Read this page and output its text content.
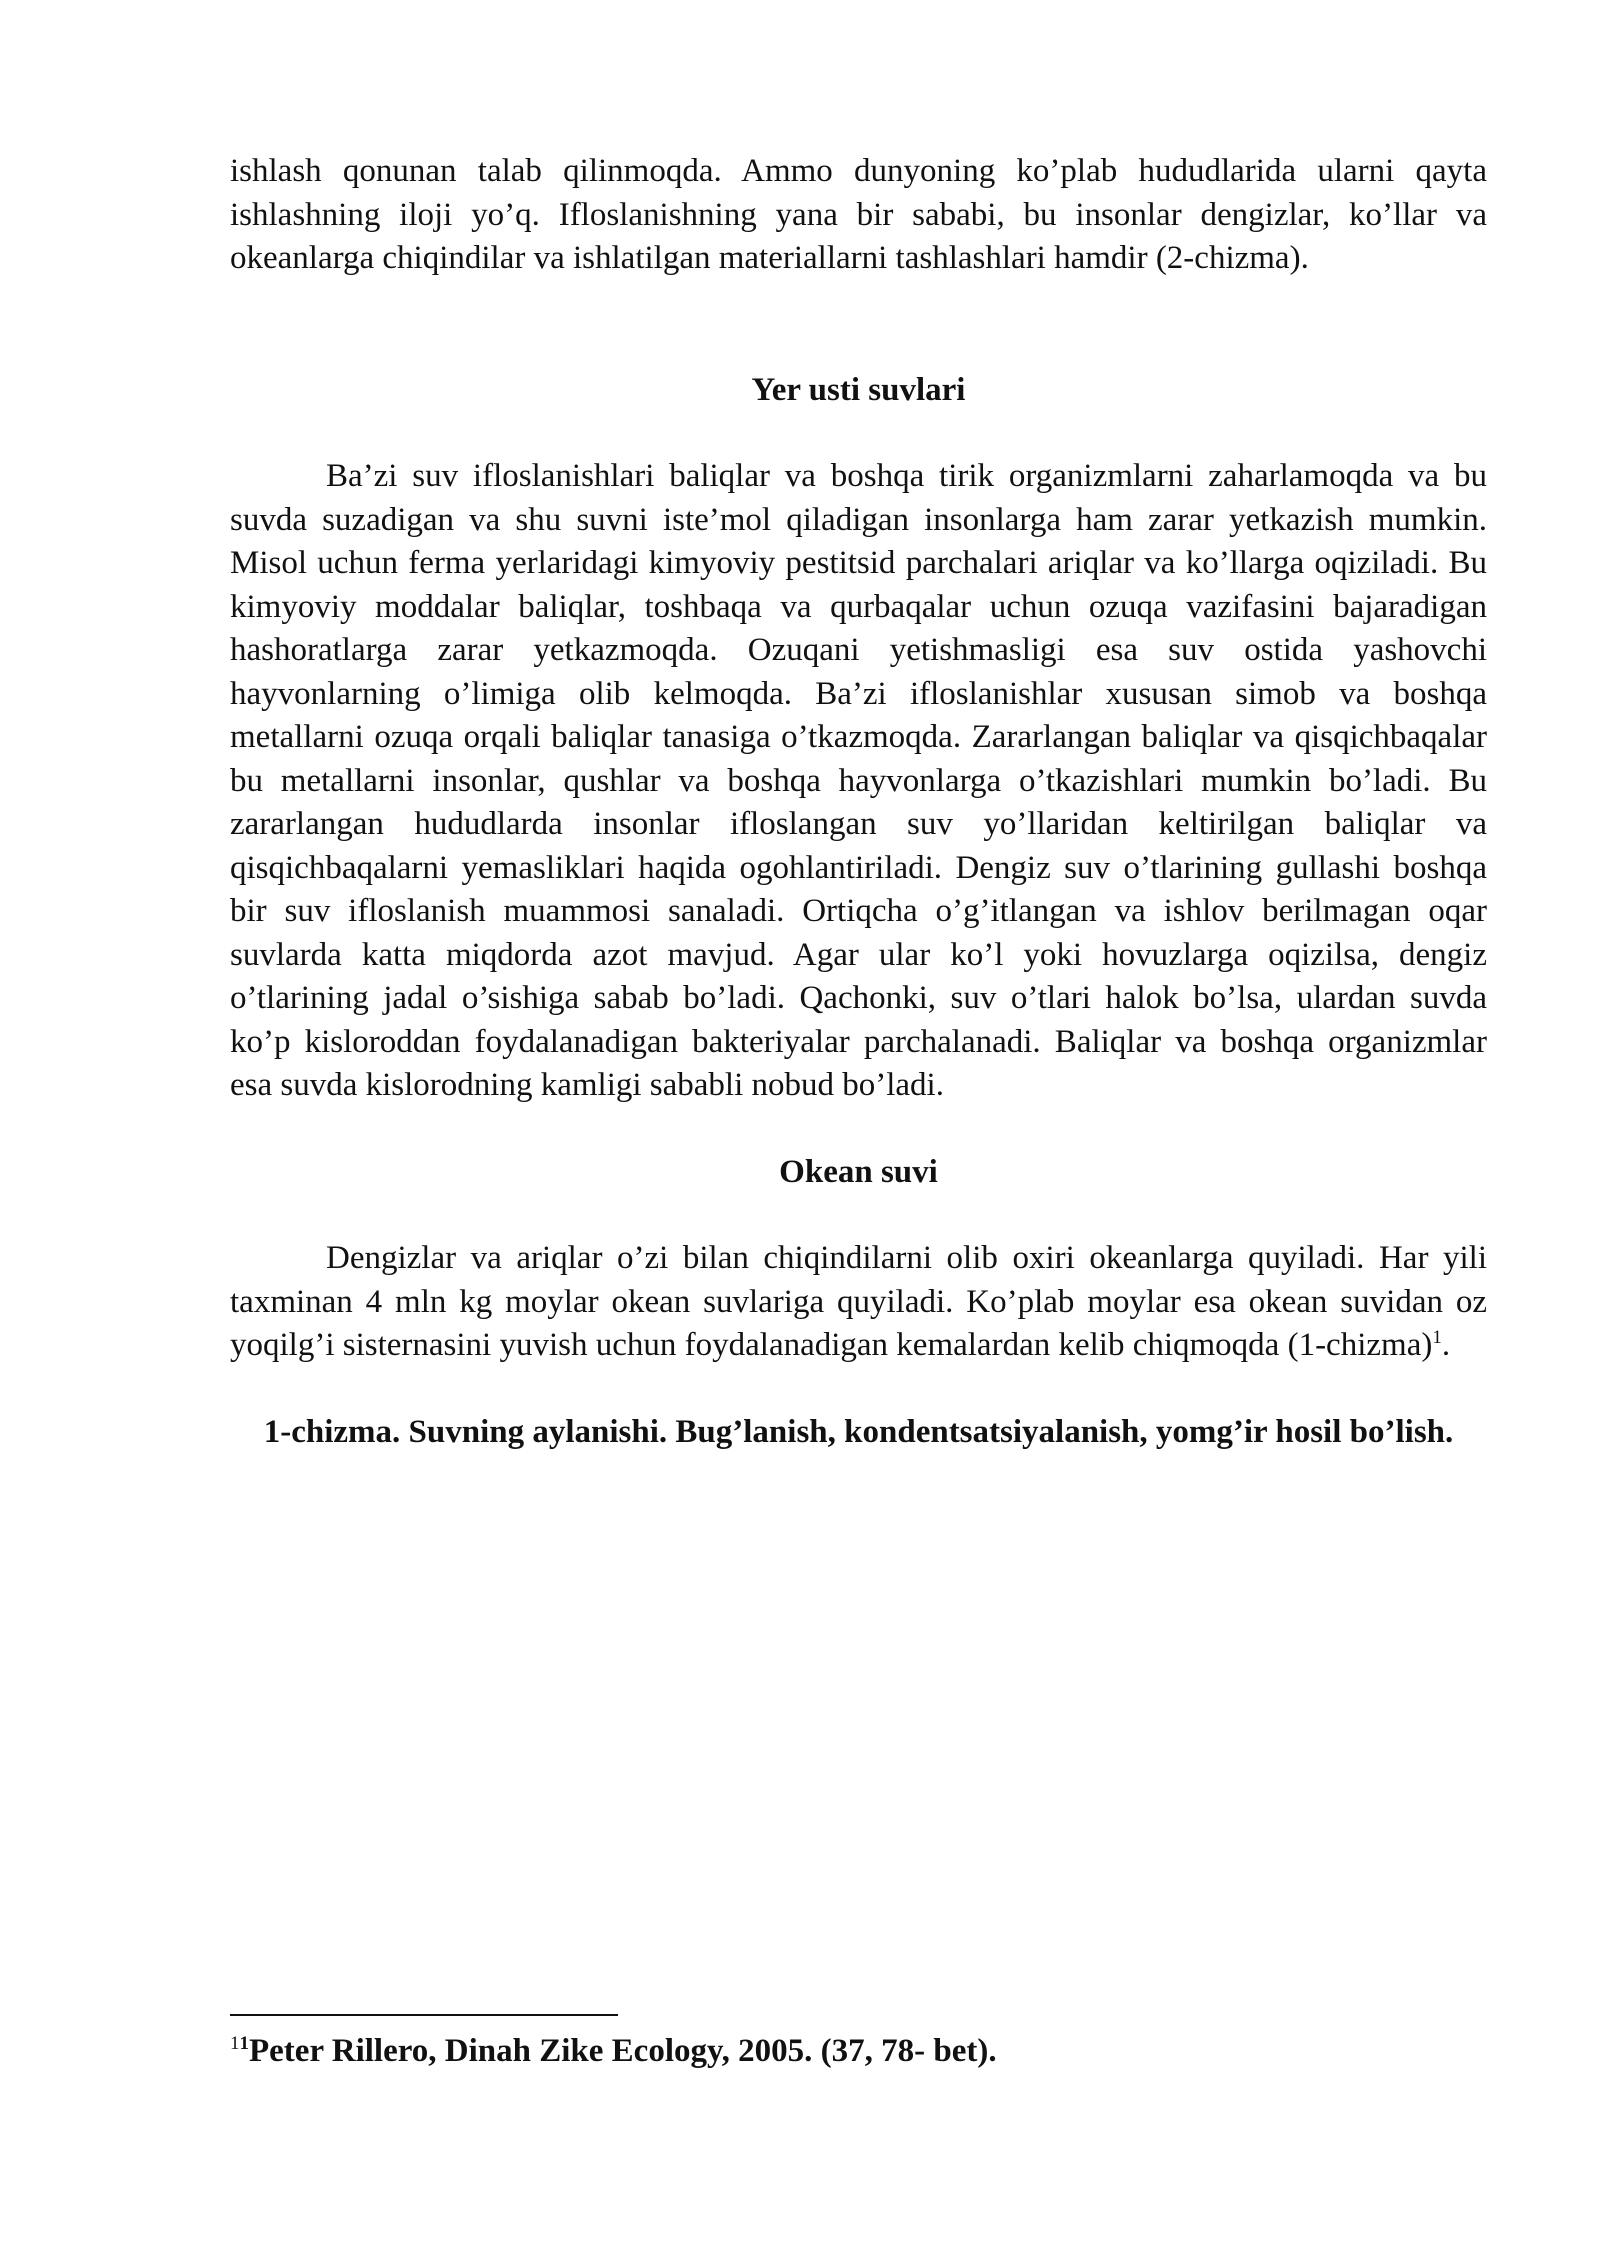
ishlash qonunan talab qilinmoqda. Ammo dunyoning ko’plab hududlarida ularni qayta ishlashning iloji yo’q. Ifloslanishning yana bir sababi, bu insonlar dengizlar, ko’llar va okeanlarga chiqindilar va ishlatilgan materiallarni tashlashlari hamdir (2-chizma).

Yer usti suvlari

Ba’zi suv ifloslanishlari baliqlar va boshqa tirik organizmlarni zaharlamoqda va bu suvda suzadigan va shu suvni iste’mol qiladigan insonlarga ham zarar yetkazish mumkin. Misol uchun ferma yerlaridagi kimyoviy pestitsid parchalari ariqlar va ko’llarga oqiziladi. Bu kimyoviy moddalar baliqlar, toshbaqa va qurbaqalar uchun ozuqa vazifasini bajaradigan hashoratlarga zarar yetkazmoqda. Ozuqani yetishmasligi esa suv ostida yashovchi hayvonlarning o’limiga olib kelmoqda. Ba’zi ifloslanishlar xususan simob va boshqa metallarni ozuqa orqali baliqlar tanasiga o’tkazmoqda. Zararlangan baliqlar va qisqichbaqalar bu metallarni insonlar, qushlar va boshqa hayvonlarga o’tkazishlari mumkin bo’ladi. Bu zararlangan hududlarda insonlar ifloslangan suv yo’llaridan keltirilgan baliqlar va qisqichbaqalarni yemasliklari haqida ogohlantiriladi. Dengiz suv o’tlarining gullashi boshqa bir suv ifloslanish muammosi sanaladi. Ortiqcha o’g’itlangan va ishlov berilmagan oqar suvlarda katta miqdorda azot mavjud. Agar ular ko’l yoki hovuzlarga oqizilsa, dengiz o’tlarining jadal o’sishiga sabab bo’ladi. Qachonki, suv o’tlari halok bo’lsa, ulardan suvda ko’p kisloroddan foydalanadigan bakteriyalar parchalanadi. Baliqlar va boshqa organizmlar esa suvda kislorodning kamligi sababli nobud bo’ladi.

Okean suvi

Dengizlar va ariqlar o’zi bilan chiqindilarni olib oxiri okeanlarga quyiladi. Har yili taxminan 4 mln kg moylar okean suvlariga quyiladi. Ko’plab moylar esa okean suvidan oz yoqilg’i sisternasini yuvish uchun foydalanadigan kemalardan kelib chiqmoqda (1-chizma)$^1$.

1-chizma. Suvning aylanishi. Bug’lanish, kondentsatsiyalanish, yomg’ir hosil bo’lish.

$^{11}$Peter Rillero, Dinah Zike Ecology, 2005. (37, 78- bet).
